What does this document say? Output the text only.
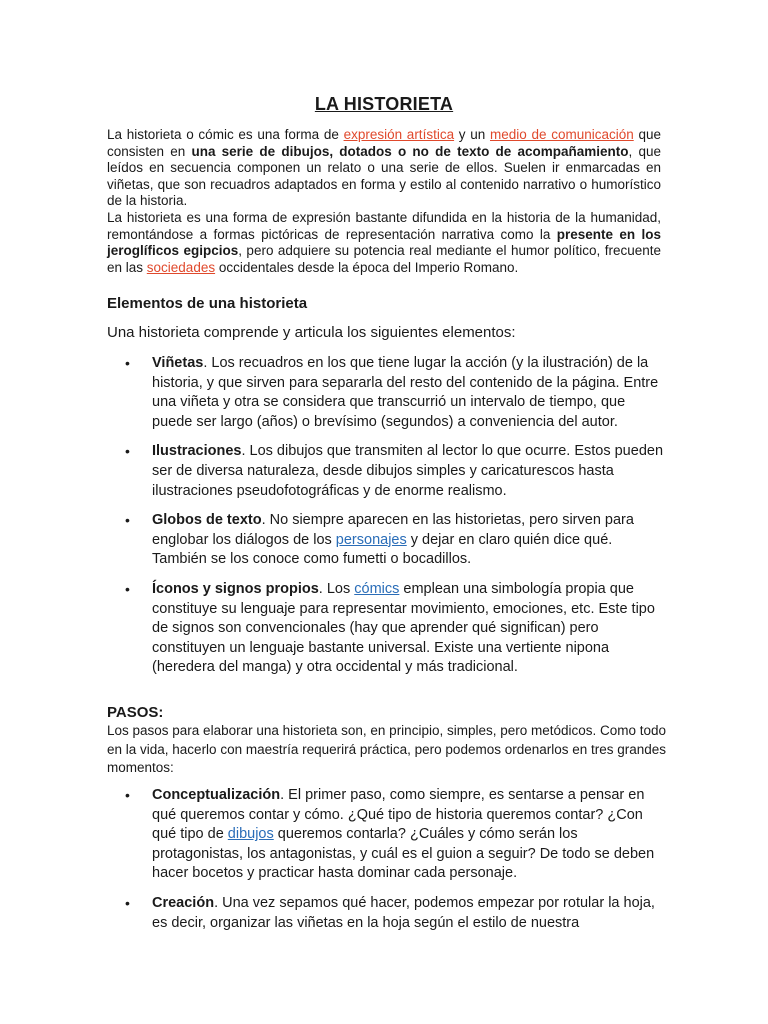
LA HISTORIETA

La historieta o cómic es una forma de expresión artística y un medio de comunicación que consisten en una serie de dibujos, dotados o no de texto de acompañamiento, que leídos en secuencia componen un relato o una serie de ellos. Suelen ir enmarcadas en viñetas, que son recuadros adaptados en forma y estilo al contenido narrativo o humorístico de la historia.

La historieta es una forma de expresión bastante difundida en la historia de la humanidad, remontándose a formas pictóricas de representación narrativa como la presente en los jeroglíficos egipcios, pero adquiere su potencia real mediante el humor político, frecuente en las sociedades occidentales desde la época del Imperio Romano.

Elementos de una historieta
Una historieta comprende y articula los siguientes elementos:
• Viñetas. Los recuadros en los que tiene lugar la acción (y la ilustración) de la historia, y que sirven para separarla del resto del contenido de la página. Entre una viñeta y otra se considera que transcurrió un intervalo de tiempo, que puede ser largo (años) o brevísimo (segundos) a conveniencia del autor.
• Ilustraciones. Los dibujos que transmiten al lector lo que ocurre. Estos pueden ser de diversa naturaleza, desde dibujos simples y caricaturescos hasta ilustraciones pseudofotográficas y de enorme realismo.
• Globos de texto. No siempre aparecen en las historietas, pero sirven para englobar los diálogos de los personajes y dejar en claro quién dice qué. También se los conoce como fumetti o bocadillos.
• Íconos y signos propios. Los cómics emplean una simbología propia que constituye su lenguaje para representar movimiento, emociones, etc. Este tipo de signos son convencionales (hay que aprender qué significan) pero constituyen un lenguaje bastante universal. Existe una vertiente nipona (heredera del manga) y otra occidental y más tradicional.
PASOS:
Los pasos para elaborar una historieta son, en principio, simples, pero metódicos. Como todo en la vida, hacerlo con maestría requerirá práctica, pero podemos ordenarlos en tres grandes momentos:
• Conceptualización. El primer paso, como siempre, es sentarse a pensar en qué queremos contar y cómo. ¿Qué tipo de historia queremos contar? ¿Con qué tipo de dibujos queremos contarla? ¿Cuáles y cómo serán los protagonistas, los antagonistas, y cuál es el guion a seguir? De todo se deben hacer bocetos y practicar hasta dominar cada personaje.
• Creación. Una vez sepamos qué hacer, podemos empezar por rotular la hoja, es decir, organizar las viñetas en la hoja según el estilo de nuestra
